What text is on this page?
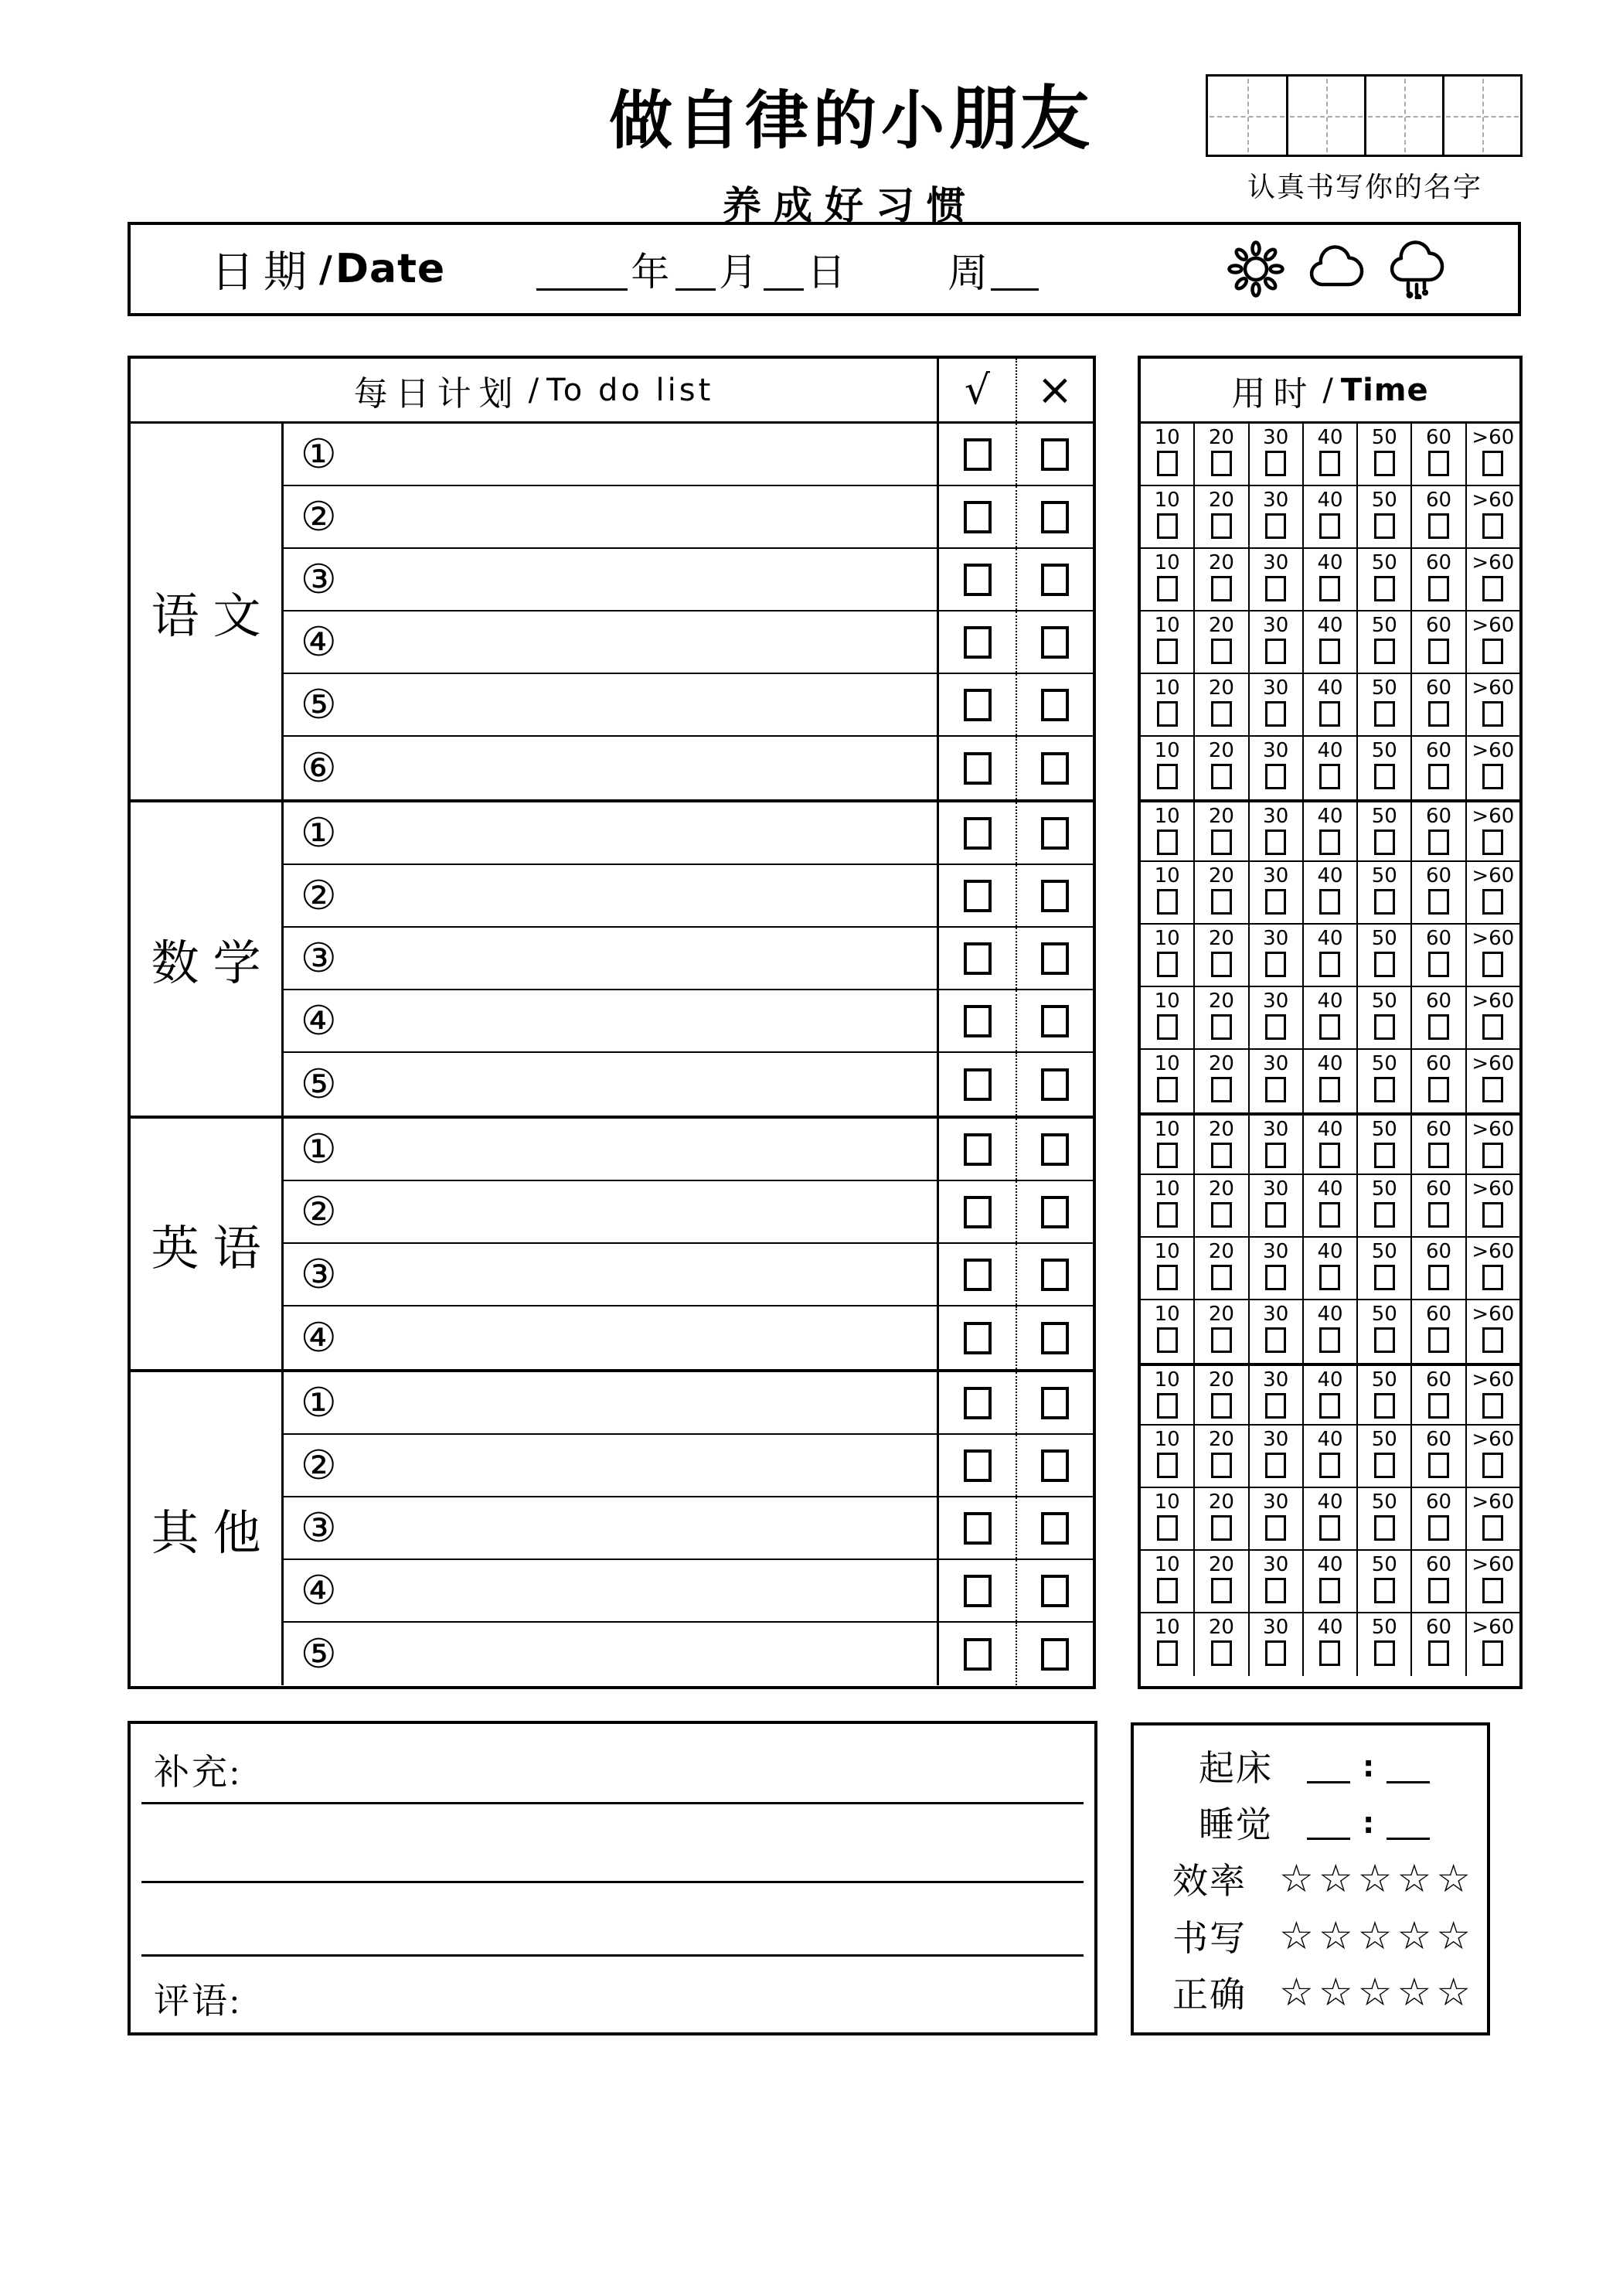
做自律的小朋友
养成好习惯	认真书写你的名字
日期 / Date	年 月 日	周
每日计划 / To do list	√ ×
语文
①
②
③
④
⑤
⑥
数学
①
②
③
④
⑤
英语
①
②
③
④
其他
①
②
③
④
⑤
用时 / Time
10 20 30 40 50 60 >60
10 20 30 40 50 60 >60
10 20 30 40 50 60 >60
10 20 30 40 50 60 >60
10 20 30 40 50 60 >60
10 20 30 40 50 60 >60
10 20 30 40 50 60 >60
10 20 30 40 50 60 >60
10 20 30 40 50 60 >60
10 20 30 40 50 60 >60
10 20 30 40 50 60 >60
10 20 30 40 50 60 >60
10 20 30 40 50 60 >60
10 20 30 40 50 60 >60
10 20 30 40 50 60 >60
10 20 30 40 50 60 >60
10 20 30 40 50 60 >60
10 20 30 40 50 60 >60
10 20 30 40 50 60 >60
10 20 30 40 50 60 >60
补充:
评语:
起床	:
睡觉	:
效率 ☆☆☆☆☆
书写 ☆☆☆☆☆
正确 ☆☆☆☆☆
